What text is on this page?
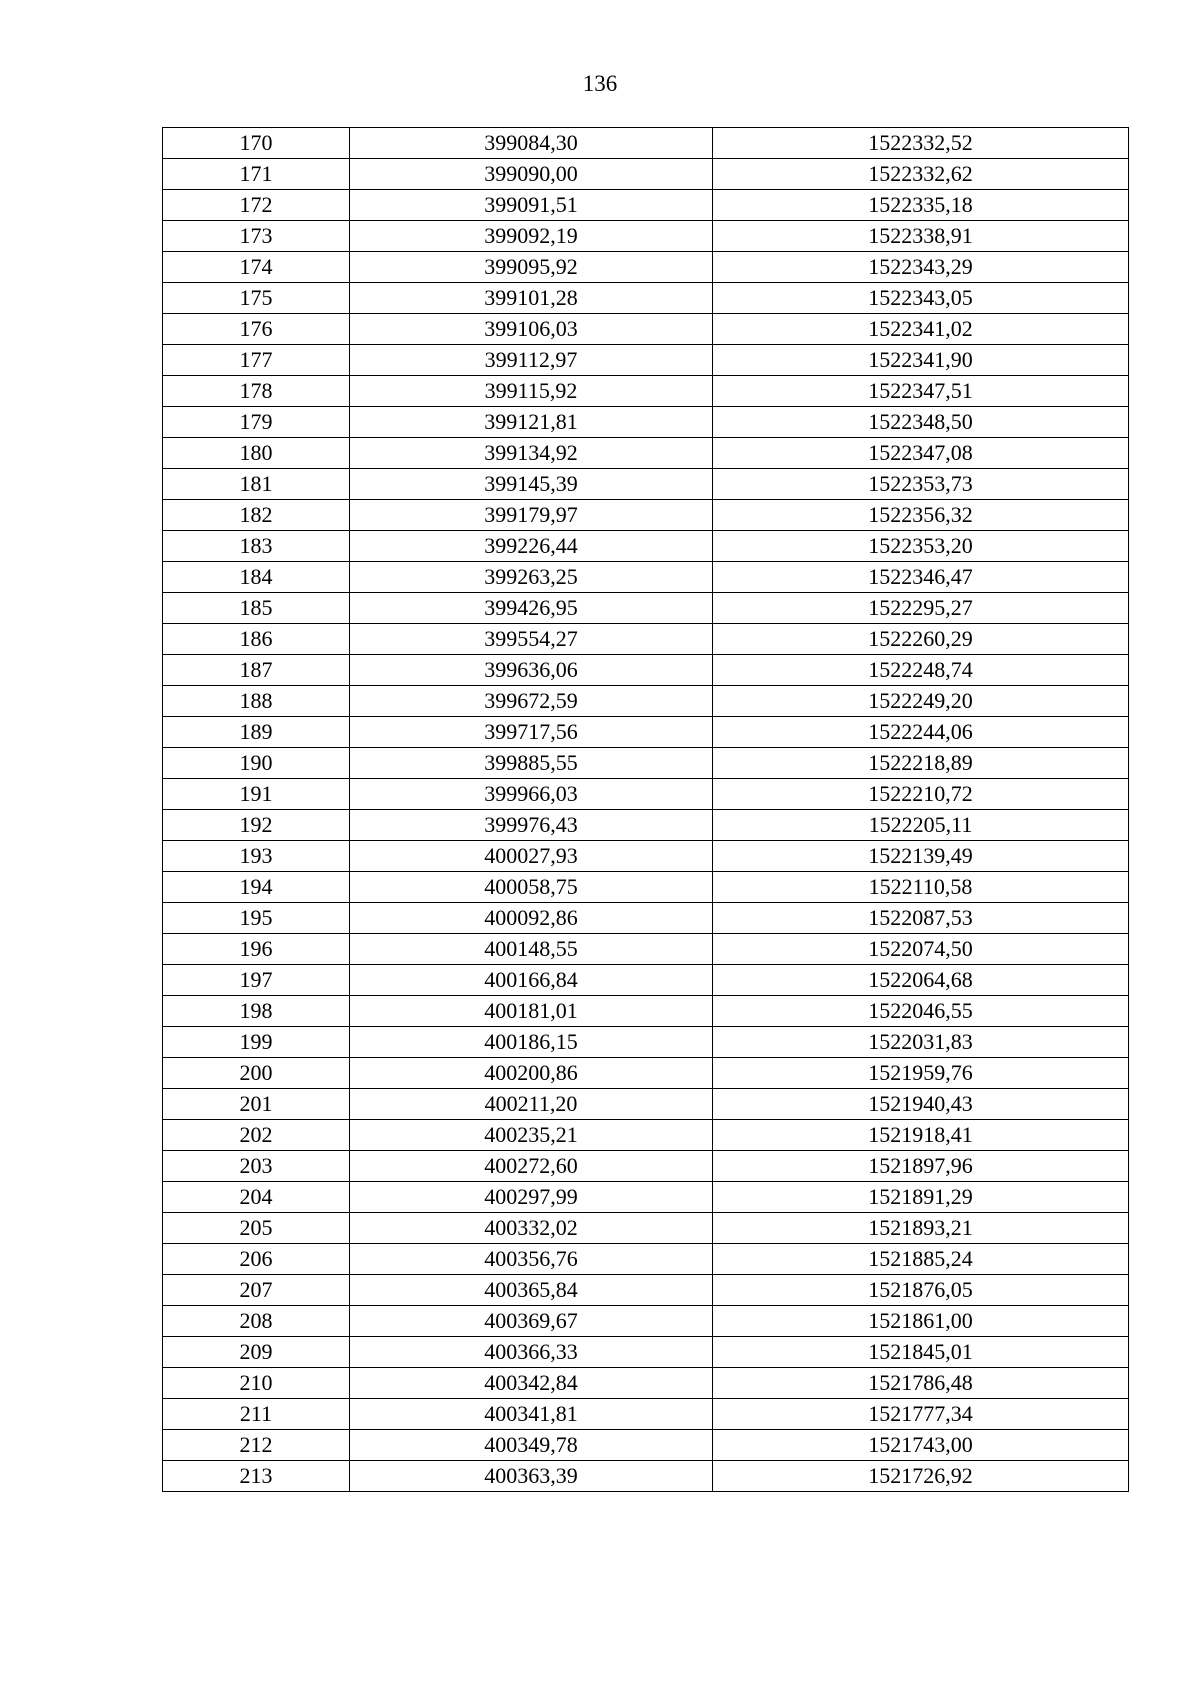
136
170	399084,30	1522332,52
171	399090,00	1522332,62
172	399091,51	1522335,18
173	399092,19	1522338,91
174	399095,92	1522343,29
175	399101,28	1522343,05
176	399106,03	1522341,02
177	399112,97	1522341,90
178	399115,92	1522347,51
179	399121,81	1522348,50
180	399134,92	1522347,08
181	399145,39	1522353,73
182	399179,97	1522356,32
183	399226,44	1522353,20
184	399263,25	1522346,47
185	399426,95	1522295,27
186	399554,27	1522260,29
187	399636,06	1522248,74
188	399672,59	1522249,20
189	399717,56	1522244,06
190	399885,55	1522218,89
191	399966,03	1522210,72
192	399976,43	1522205,11
193	400027,93	1522139,49
194	400058,75	1522110,58
195	400092,86	1522087,53
196	400148,55	1522074,50
197	400166,84	1522064,68
198	400181,01	1522046,55
199	400186,15	1522031,83
200	400200,86	1521959,76
201	400211,20	1521940,43
202	400235,21	1521918,41
203	400272,60	1521897,96
204	400297,99	1521891,29
205	400332,02	1521893,21
206	400356,76	1521885,24
207	400365,84	1521876,05
208	400369,67	1521861,00
209	400366,33	1521845,01
210	400342,84	1521786,48
211	400341,81	1521777,34
212	400349,78	1521743,00
213	400363,39	1521726,92
